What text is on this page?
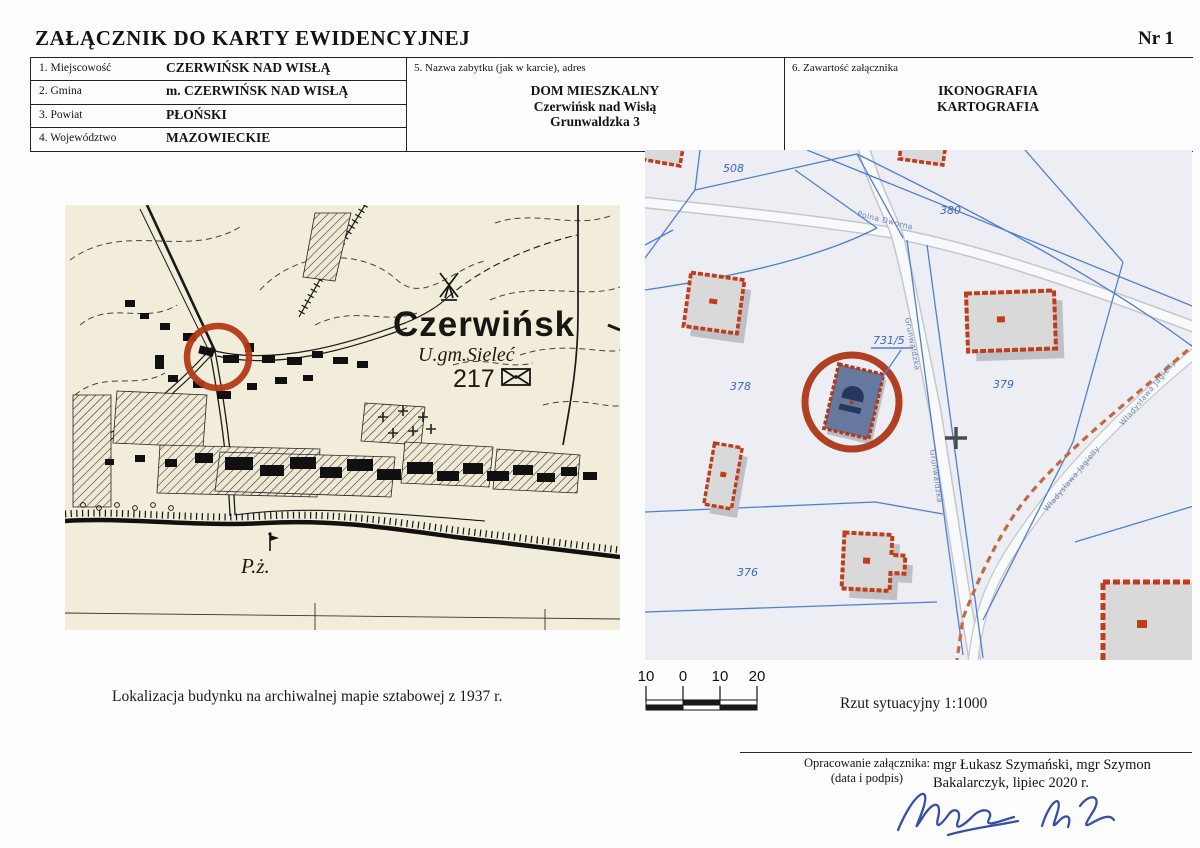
ZAŁĄCZNIK DO KARTY EWIDENCYJNEJ	Nr 1
1. Miejscowość	CZERWIŃSK NAD WISŁĄ
2. Gmina	m. CZERWIŃSK NAD WISŁĄ
3. Powiat	PŁOŃSKI
4. Województwo	MAZOWIECKIE
5. Nazwa zabytku (jak w karcie), adres
DOM MIESZKALNY
Czerwińsk nad Wisłą
Grunwaldzka 3
6. Zawartość załącznika
IKONOGRAFIA
KARTOGRAFIA
P.ż.
Czerwińsk
U.gm.Sieleć
217
508
380
378
731/5
379
376
Polna Dworna
Grunwaldzka
Grunwaldzka
Władysława Jagiełły
Władysława Jagiełły
Lokalizacja budynku na archiwalnej mapie sztabowej z 1937 r.
10	0	10	20
Rzut sytuacyjny 1:1000
Opracowanie załącznika:
(data i podpis)
mgr Łukasz Szymański, mgr Szymon
Bakalarczyk, lipiec 2020 r.
